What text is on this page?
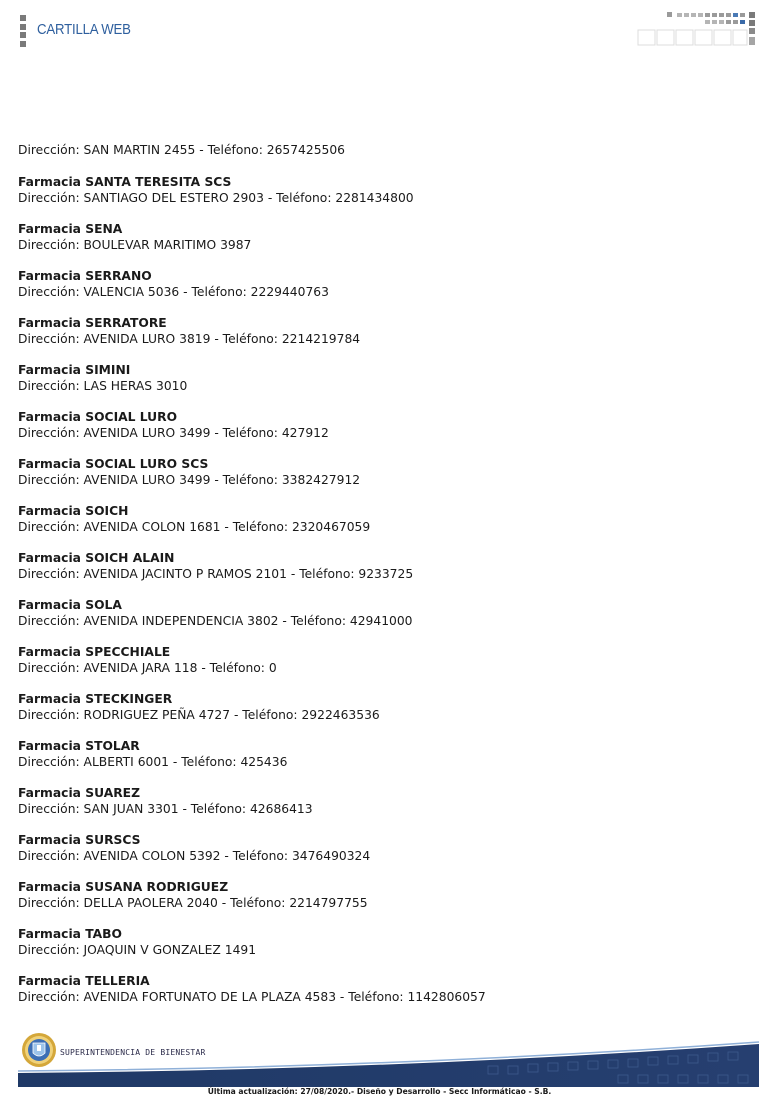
CARTILLA WEB
Dirección: SAN MARTIN 2455 - Teléfono: 2657425506
Farmacia SANTA TERESITA SCS
Dirección: SANTIAGO DEL ESTERO 2903 - Teléfono: 2281434800
Farmacia SENA
Dirección: BOULEVAR MARITIMO 3987
Farmacia SERRANO
Dirección: VALENCIA 5036 - Teléfono: 2229440763
Farmacia SERRATORE
Dirección: AVENIDA LURO 3819 - Teléfono: 2214219784
Farmacia SIMINI
Dirección: LAS HERAS 3010
Farmacia SOCIAL LURO
Dirección: AVENIDA LURO 3499 - Teléfono: 427912
Farmacia SOCIAL LURO SCS
Dirección: AVENIDA LURO 3499 - Teléfono: 3382427912
Farmacia SOICH
Dirección: AVENIDA COLON 1681 - Teléfono: 2320467059
Farmacia SOICH ALAIN
Dirección: AVENIDA JACINTO P RAMOS 2101 - Teléfono: 9233725
Farmacia SOLA
Dirección: AVENIDA INDEPENDENCIA 3802 - Teléfono: 42941000
Farmacia SPECCHIALE
Dirección: AVENIDA JARA 118 - Teléfono: 0
Farmacia STECKINGER
Dirección: RODRIGUEZ PEÑA 4727 - Teléfono: 2922463536
Farmacia STOLAR
Dirección: ALBERTI 6001 - Teléfono: 425436
Farmacia SUAREZ
Dirección: SAN JUAN 3301 - Teléfono: 42686413
Farmacia SURSCS
Dirección: AVENIDA COLON 5392 - Teléfono: 3476490324
Farmacia SUSANA RODRIGUEZ
Dirección: DELLA PAOLERA 2040 - Teléfono: 2214797755
Farmacia TABO
Dirección: JOAQUIN V GONZALEZ 1491
Farmacia TELLERIA
Dirección: AVENIDA FORTUNATO DE LA PLAZA 4583 - Teléfono: 1142806057
SUPERINTENDENCIA DE BIENESTAR
Última actualización: 27/08/2020.- Diseño y Desarrollo - Secc Informáticao - S.B.
